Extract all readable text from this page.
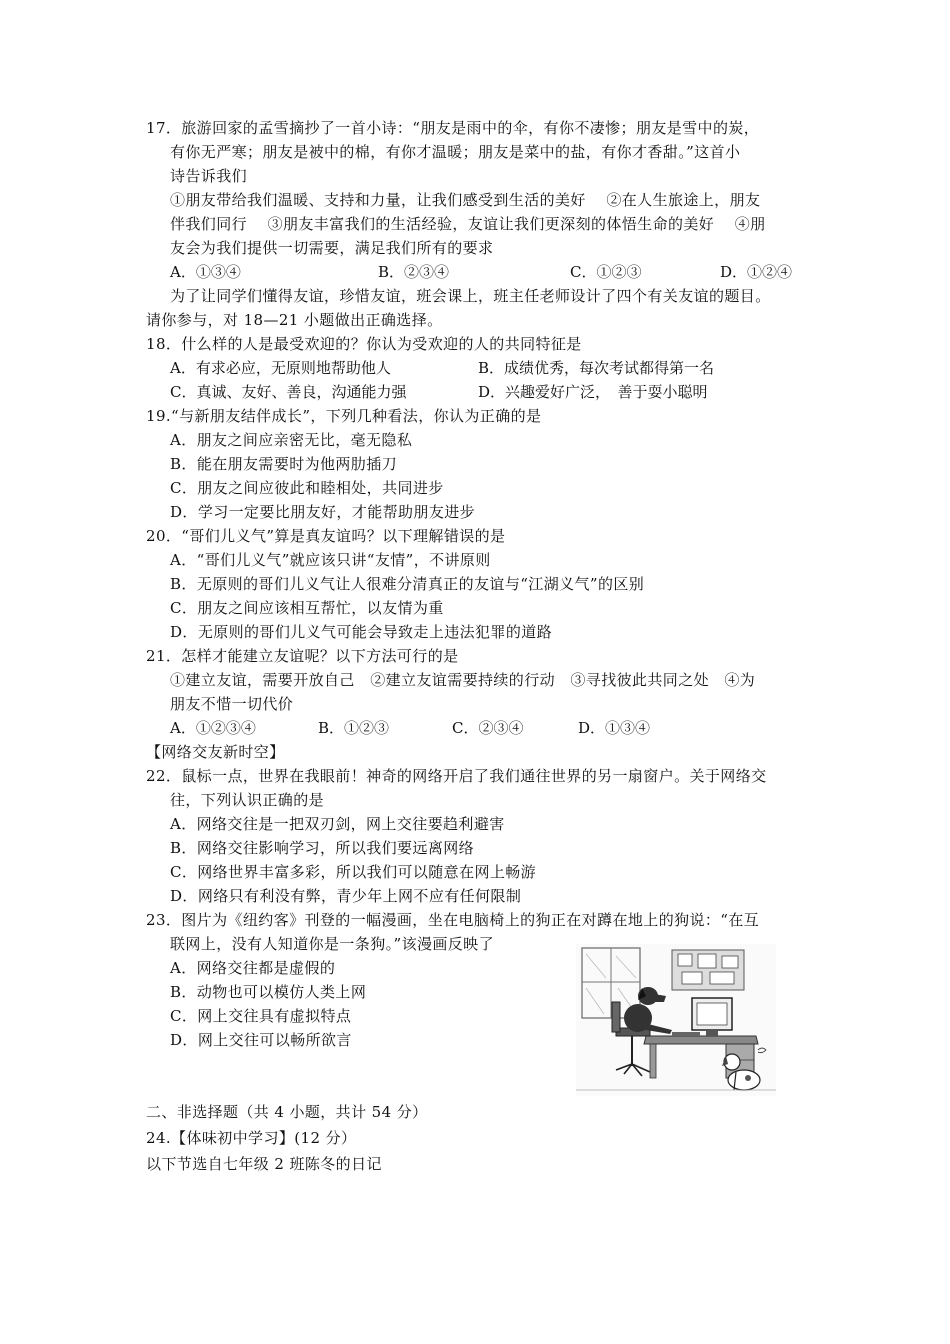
17．旅游回家的孟雪摘抄了一首小诗：“朋友是雨中的伞，有你不凄惨；朋友是雪中的炭，
有你无严寒；朋友是被中的棉，有你才温暖；朋友是菜中的盐，有你才香甜。”这首小
诗告诉我们
①朋友带给我们温暖、支持和力量，让我们感受到生活的美好　 ②在人生旅途上，朋友
伴我们同行　 ③朋友丰富我们的生活经验，友谊让我们更深刻的体悟生命的美好　 ④朋
友会为我们提供一切需要，满足我们所有的要求
A．①③④	B．②③④	C．①②③	D．①②④
为了让同学们懂得友谊，珍惜友谊，班会课上，班主任老师设计了四个有关友谊的题目。
请你参与，对 18—21 小题做出正确选择。
18．什么样的人是最受欢迎的？你认为受欢迎的人的共同特征是
A．有求必应，无原则地帮助他人	B．成绩优秀，每次考试都得第一名
C．真诚、友好、善良，沟通能力强	D．兴趣爱好广泛，　善于耍小聪明
19.“与新朋友结伴成长”，下列几种看法，你认为正确的是
A．朋友之间应亲密无比，毫无隐私
B．能在朋友需要时为他两肋插刀
C．朋友之间应彼此和睦相处，共同进步
D．学习一定要比朋友好，才能帮助朋友进步
20．“哥们儿义气”算是真友谊吗？以下理解错误的是
A．“哥们儿义气”就应该只讲“友情”，不讲原则
B．无原则的哥们儿义气让人很难分清真正的友谊与“江湖义气”的区别
C．朋友之间应该相互帮忙，以友情为重
D．无原则的哥们儿义气可能会导致走上违法犯罪的道路
21．怎样才能建立友谊呢？以下方法可行的是
①建立友谊，需要开放自己　②建立友谊需要持续的行动　③寻找彼此共同之处　④为
朋友不惜一切代价
A．①②③④	B．①②③	C．②③④	D．①③④
【网络交友新时空】
22．鼠标一点，世界在我眼前！神奇的网络开启了我们通往世界的另一扇窗户。关于网络交
往，下列认识正确的是
A．网络交往是一把双刃剑，网上交往要趋利避害
B．网络交往影响学习，所以我们要远离网络
C．网络世界丰富多彩，所以我们可以随意在网上畅游
D．网络只有利没有弊，青少年上网不应有任何限制
23．图片为《纽约客》刊登的一幅漫画，坐在电脑椅上的狗正在对蹲在地上的狗说：“在互
联网上，没有人知道你是一条狗。”该漫画反映了
A．网络交往都是虚假的
B．动物也可以模仿人类上网
C．网上交往具有虚拟特点
D．网上交往可以畅所欲言
二、非选择题（共 4 小题，共计 54 分）
24.【体味初中学习】(12 分）
以下节选自七年级 2 班陈冬的日记
